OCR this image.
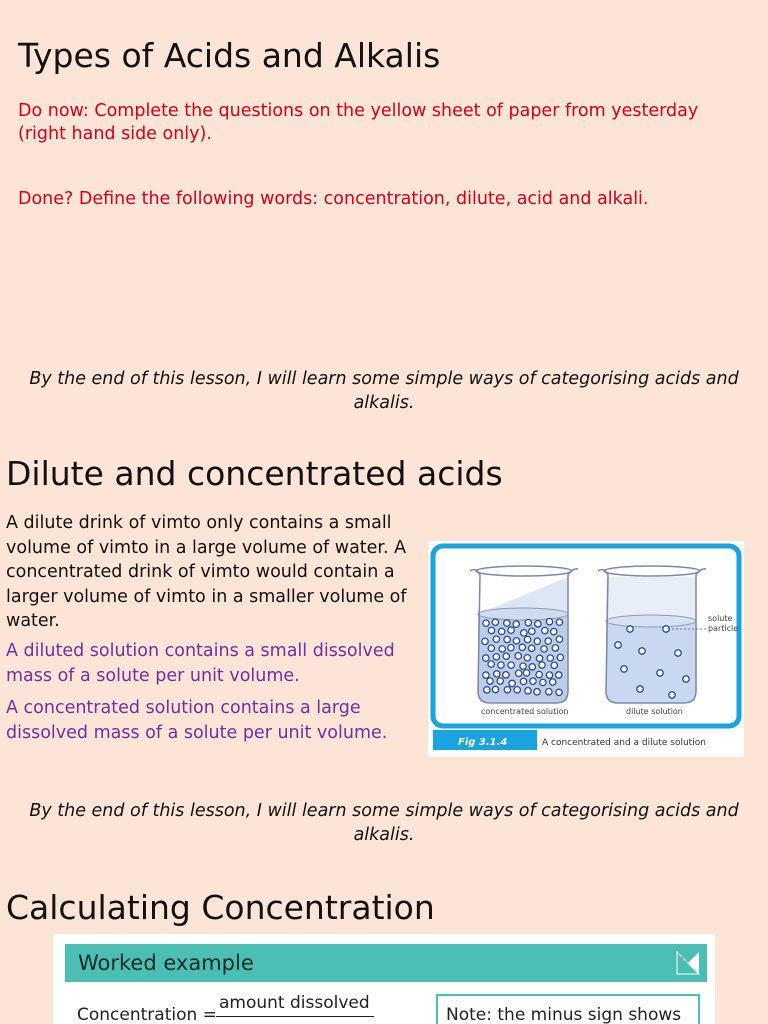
Types of Acids and Alkalis

Do now: Complete the questions on the yellow sheet of paper from yesterday (right hand side only).

Done? Define the following words: concentration, dilute, acid and alkali.

By the end of this lesson, I will learn some simple ways of categorising acids and alkalis.

Dilute and concentrated acids

A dilute drink of vimto only contains a small volume of vimto in a large volume of water. A concentrated drink of vimto would contain a larger volume of vimto in a smaller volume of water.

A diluted solution contains a small dissolved mass of a solute per unit volume.

A concentrated solution contains a large dissolved mass of a solute per unit volume.	Fig 3.1.4	A concentrated and a dilute solution
solute
particle
concentrated solution	dilute solution

By the end of this lesson, I will learn some simple ways of categorising acids and alkalis.

Calculating Concentration
Worked example
Concentration =
amount dissolved
Note: the minus sign shows
